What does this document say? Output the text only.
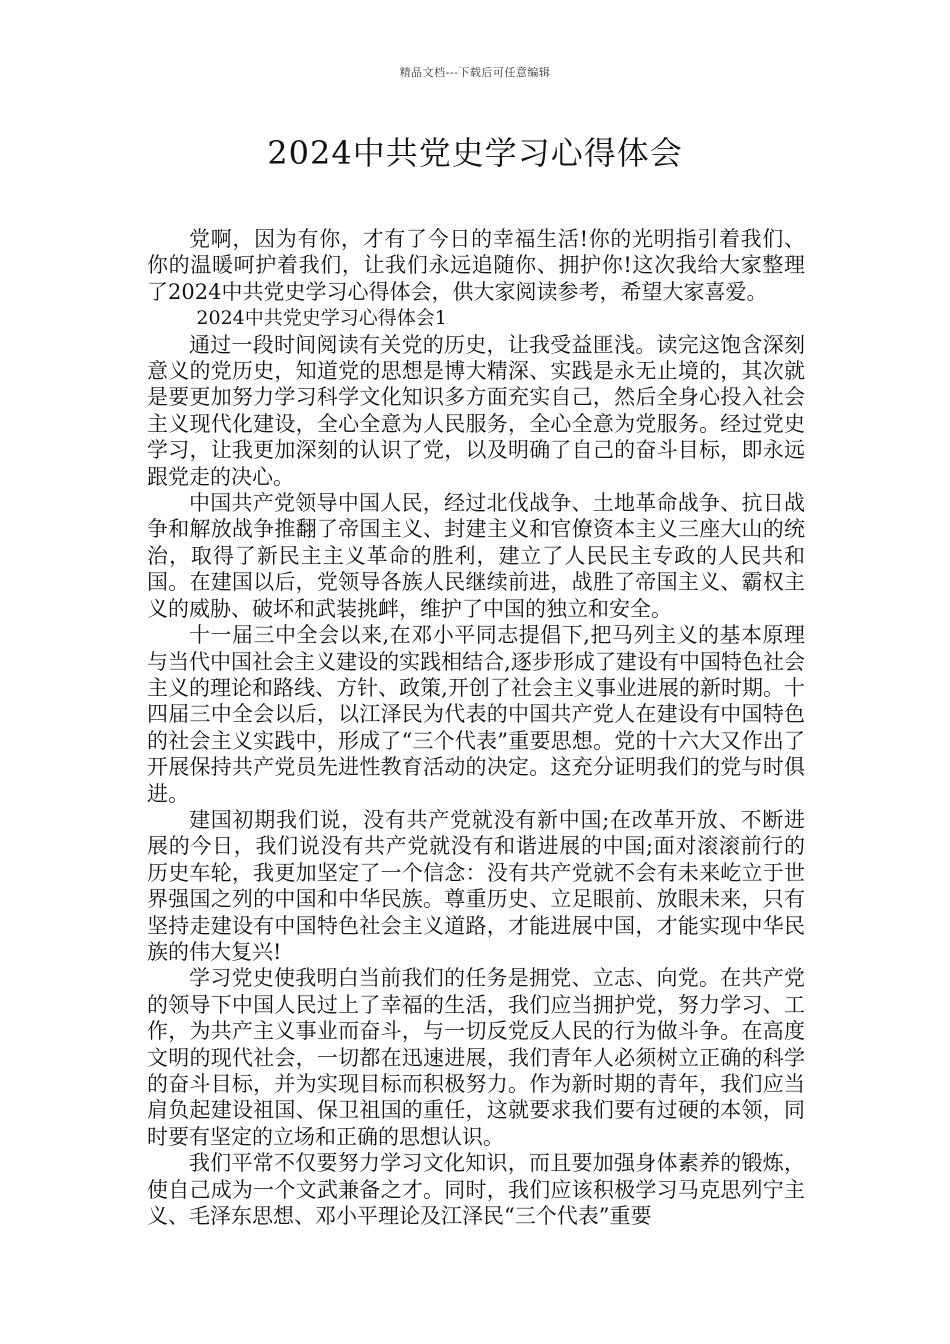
精品文档---下载后可任意编辑
2024中共党史学习心得体会

党啊，因为有你，才有了今日的幸福生活!你的光明指引着我们、你的温暖呵护着我们，让我们永远追随你、拥护你!这次我给大家整理了2024中共党史学习心得体会，供大家阅读参考，希望大家喜爱。

2024中共党史学习心得体会1

通过一段时间阅读有关党的历史，让我受益匪浅。读完这饱含深刻意义的党历史，知道党的思想是博大精深、实践是永无止境的，其次就是要更加努力学习科学文化知识多方面充实自己，然后全身心投入社会主义现代化建设，全心全意为人民服务，全心全意为党服务。经过党史学习，让我更加深刻的认识了党，以及明确了自己的奋斗目标，即永远跟党走的决心。

中国共产党领导中国人民，经过北伐战争、土地革命战争、抗日战争和解放战争推翻了帝国主义、封建主义和官僚资本主义三座大山的统治，取得了新民主主义革命的胜利，建立了人民民主专政的人民共和国。在建国以后，党领导各族人民继续前进，战胜了帝国主义、霸权主义的威胁、破坏和武装挑衅，维护了中国的独立和安全。

十一届三中全会以来,在邓小平同志提倡下,把马列主义的基本原理与当代中国社会主义建设的实践相结合,逐步形成了建设有中国特色社会主义的理论和路线、方针、政策,开创了社会主义事业进展的新时期。十四届三中全会以后，以江泽民为代表的中国共产党人在建设有中国特色的社会主义实践中，形成了“三个代表”重要思想。党的十六大又作出了开展保持共产党员先进性教育活动的决定。这充分证明我们的党与时俱进。

建国初期我们说，没有共产党就没有新中国;在改革开放、不断进展的今日，我们说没有共产党就没有和谐进展的中国;面对滚滚前行的历史车轮，我更加坚定了一个信念：没有共产党就不会有未来屹立于世界强国之列的中国和中华民族。尊重历史、立足眼前、放眼未来，只有坚持走建设有中国特色社会主义道路，才能进展中国，才能实现中华民族的伟大复兴!

学习党史使我明白当前我们的任务是拥党、立志、向党。在共产党的领导下中国人民过上了幸福的生活，我们应当拥护党，努力学习、工作，为共产主义事业而奋斗，与一切反党反人民的行为做斗争。在高度文明的现代社会，一切都在迅速进展，我们青年人必须树立正确的科学的奋斗目标，并为实现目标而积极努力。作为新时期的青年，我们应当肩负起建设祖国、保卫祖国的重任，这就要求我们要有过硬的本领，同时要有坚定的立场和正确的思想认识。

我们平常不仅要努力学习文化知识，而且要加强身体素养的锻炼，使自己成为一个文武兼备之才。同时，我们应该积极学习马克思列宁主义、毛泽东思想、邓小平理论及江泽民“三个代表”重要
